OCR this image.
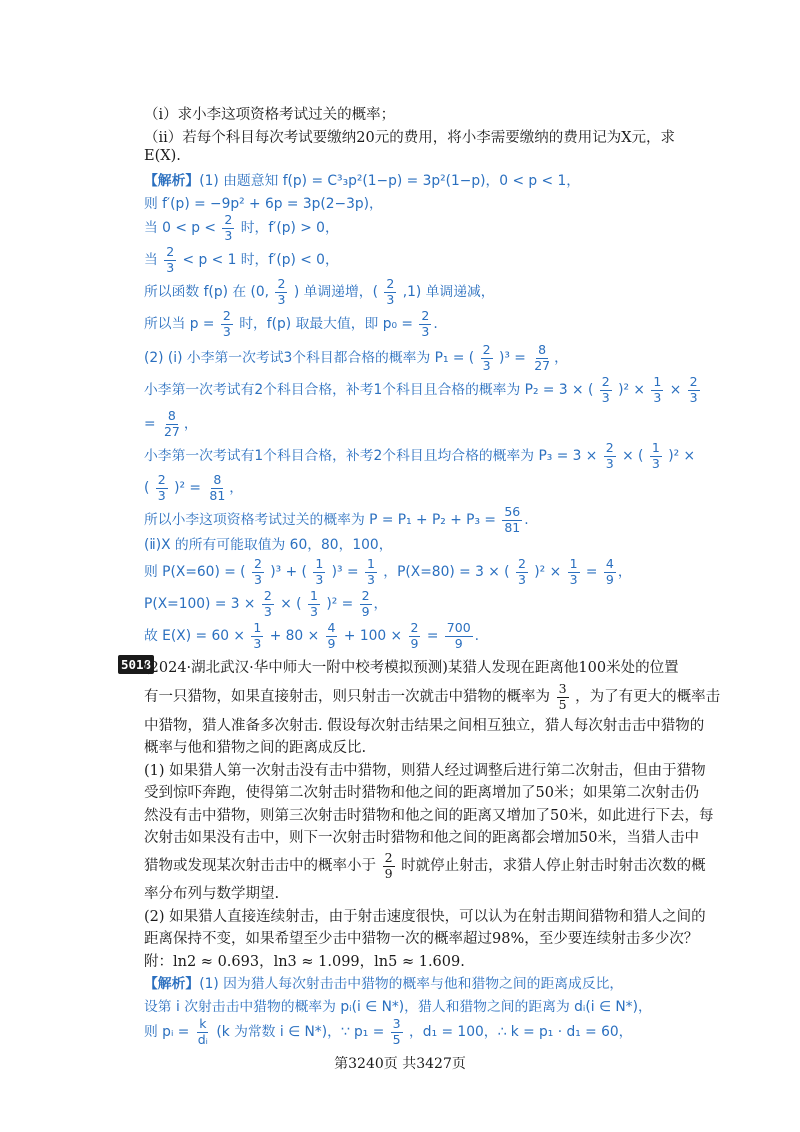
（ⅰ）求小李这项资格考试过关的概率；
（ⅱ）若每个科目每次考试要缴纳20元的费用，将小李需要缴纳的费用记为X元，求
E(X).
【解析】(1) 由题意知 f(p) = C³₃p²(1−p) = 3p²(1−p)，0 < p < 1，
则 f′(p) = −9p² + 6p = 3p(2−3p)，
当 $0 < p < \frac{2}{3}$ 时，f′(p) > 0，
当 $\frac{2}{3} < p < 1$ 时，f′(p) < 0，
所以函数 f(p) 在 (0, $\frac{2}{3}$ ) 单调递增，( $\frac{2}{3} ,1$) 单调递减，
所以当 $p = \frac{2}{3}$ 时，f(p) 取最大值，即 $p_0 = \frac{2}{3}$ .
(2) (ⅰ) 小李第一次考试3个科目都合格的概率为 P₁ = ( $\frac{2}{3} )^3 = \frac{8}{27}$ ，
小李第一次考试有2个科目合格，补考1个科目且合格的概率为 P₂ = 3 × ( $\frac{2}{3} )^2 \times \frac{1}{3} \times \frac{2}{3}$
= $\frac{8}{27}$ ，
小李第一次考试有1个科目合格，补考2个科目且均合格的概率为 $P_3 = 3 \times \frac{2}{3}$ × ( $\frac{1}{3} )^2$ ×
( $\frac{2}{3} )^2 = \frac{8}{81}$ ，
所以小李这项资格考试过关的概率为 $P = P_1 + P_2 + P_3 = \frac{56}{81}$ .
(ⅱ)X 的所有可能取值为 60，80，100，
则 P(X=60) = ( $\frac{2}{3} )^3$ + ( $\frac{1}{3} )^3 = \frac{1}{3}$ ，P(X=80) = 3 × ( $\frac{2}{3} )^2 \times \frac{1}{3} = \frac{4}{9}$ ，
$P(X=100) = 3 \times \frac{2}{3}$ × ( $\frac{1}{3} )^2 = \frac{2}{9}$ ，
故 $E(X) = 60 \times \frac{1}{3} + 80 \times \frac{4}{9} + 100 \times \frac{2}{9} = \frac{700}{9}$ .
5018
(2024·湖北武汉·华中师大一附中校考模拟预测)某猎人发现在距离他100米处的位置
有一只猎物，如果直接射击，则只射击一次就击中猎物的概率为 $\frac{3}{5}$ ，为了有更大的概率击
中猎物，猎人准备多次射击. 假设每次射击结果之间相互独立，猎人每次射击击中猎物的
概率与他和猎物之间的距离成反比.
(1) 如果猎人第一次射击没有击中猎物，则猎人经过调整后进行第二次射击，但由于猎物
受到惊吓奔跑，使得第二次射击时猎物和他之间的距离增加了50米；如果第二次射击仍
然没有击中猎物，则第三次射击时猎物和他之间的距离又增加了50米，如此进行下去，每
次射击如果没有击中，则下一次射击时猎物和他之间的距离都会增加50米，当猎人击中
猎物或发现某次射击击中的概率小于 $\frac{2}{9}$ 时就停止射击，求猎人停止射击时射击次数的概
率分布列与数学期望.
(2) 如果猎人直接连续射击，由于射击速度很快，可以认为在射击期间猎物和猎人之间的
距离保持不变，如果希望至少击中猎物一次的概率超过98%，至少要连续射击多少次？
附：ln2 ≈ 0.693，ln3 ≈ 1.099，ln5 ≈ 1.609.
【解析】(1) 因为猎人每次射击击中猎物的概率与他和猎物之间的距离成反比，
设第 i 次射击击中猎物的概率为 pᵢ(i ∈ N*)，猎人和猎物之间的距离为 dᵢ(i ∈ N*)，
则 pᵢ = $\frac{k}{\text{dᵢ}} (k$ 为常数 i ∈ N*)，∵ $p_1 = \frac{3}{5}$ ，d₁ = 100，∴ k = p₁ · d₁ = 60，
第3240页 共3427页
